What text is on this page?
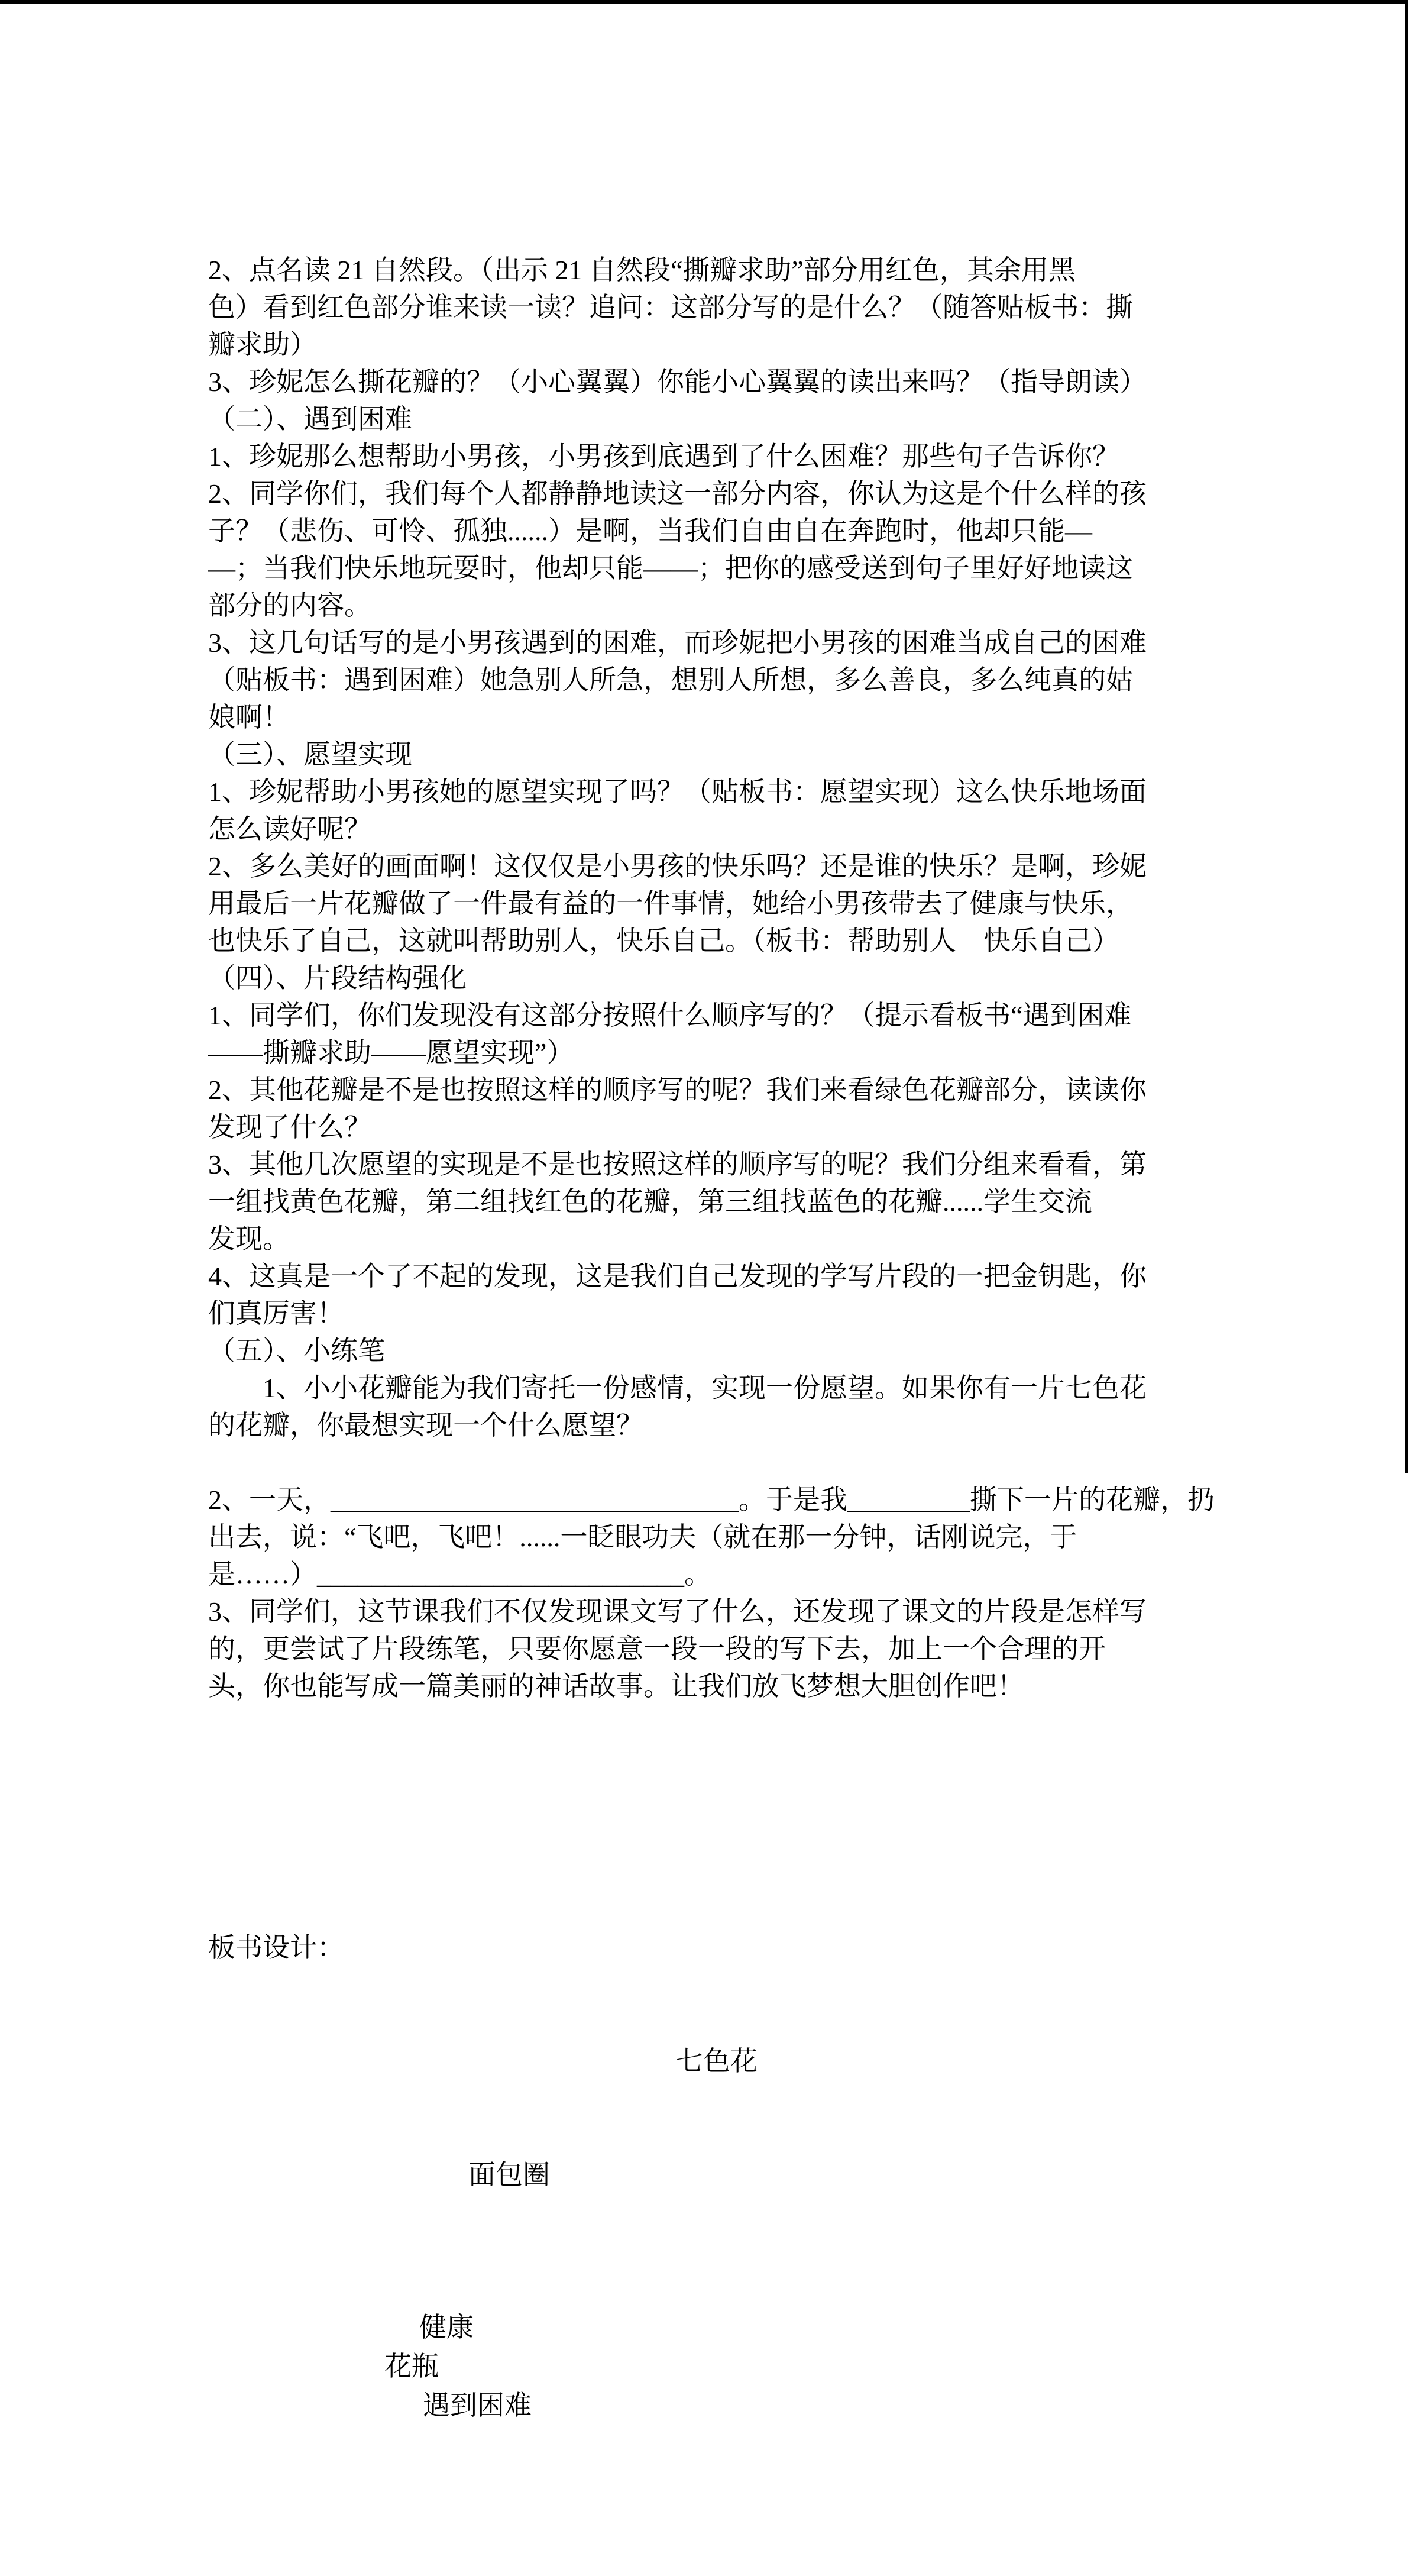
2、点名读 21 自然段。（出示 21 自然段“撕瓣求助”部分用红色，其余用黑
色）看到红色部分谁来读一读？追问：这部分写的是什么？（随答贴板书：撕
瓣求助）
3、珍妮怎么撕花瓣的？（小心翼翼）你能小心翼翼的读出来吗？（指导朗读）
（二）、遇到困难
1、珍妮那么想帮助小男孩，小男孩到底遇到了什么困难？那些句子告诉你？
2、同学你们，我们每个人都静静地读这一部分内容，你认为这是个什么样的孩
子？（悲伤、可怜、孤独......）是啊，当我们自由自在奔跑时，他却只能—
—；当我们快乐地玩耍时，他却只能——；把你的感受送到句子里好好地读这
部分的内容。
3、这几句话写的是小男孩遇到的困难，而珍妮把小男孩的困难当成自己的困难
（贴板书：遇到困难）她急别人所急，想别人所想，多么善良，多么纯真的姑
娘啊！
（三）、愿望实现
1、珍妮帮助小男孩她的愿望实现了吗？（贴板书：愿望实现）这么快乐地场面
怎么读好呢？
2、多么美好的画面啊！这仅仅是小男孩的快乐吗？还是谁的快乐？是啊，珍妮
用最后一片花瓣做了一件最有益的一件事情，她给小男孩带去了健康与快乐，
也快乐了自己，这就叫帮助别人，快乐自己。（板书：帮助别人　快乐自己）
（四）、片段结构强化
1、同学们，你们发现没有这部分按照什么顺序写的？（提示看板书“遇到困难
——撕瓣求助——愿望实现”）
2、其他花瓣是不是也按照这样的顺序写的呢？我们来看绿色花瓣部分，读读你
发现了什么？
3、其他几次愿望的实现是不是也按照这样的顺序写的呢？我们分组来看看，第
一组找黄色花瓣，第二组找红色的花瓣，第三组找蓝色的花瓣......学生交流
发现。
4、这真是一个了不起的发现，这是我们自己发现的学写片段的一把金钥匙，你
们真厉害！
（五）、小练笔
　　1、小小花瓣能为我们寄托一份感情，实现一份愿望。如果你有一片七色花
的花瓣，你最想实现一个什么愿望？
2、一天，______________________________。于是我_________撕下一片的花瓣，扔
出去，说：“飞吧，飞吧！......一眨眼功夫（就在那一分钟，话刚说完，于
是……）___________________________。
3、同学们，这节课我们不仅发现课文写了什么，还发现了课文的片段是怎样写
的，更尝试了片段练笔，只要你愿意一段一段的写下去，加上一个合理的开
头，你也能写成一篇美丽的神话故事。让我们放飞梦想大胆创作吧！

板书设计：

七色花

面包圈

健康
花瓶
遇到困难
